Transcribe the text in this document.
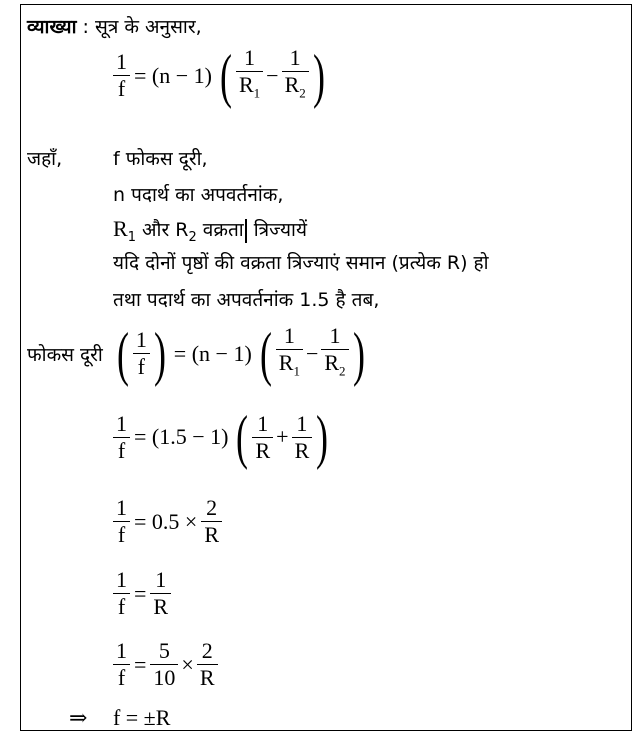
व्याख्या : सूत्र के अनुसार,
$\frac{1}{f} = (n - 1)$ ( $\frac{1}{R_1} - \frac{1}{R_2}$ )
जहाँ,	f फोकस दूरी,
n पदार्थ का अपवर्तनांक,
$R_1$ और $R_2$ वक्रता त्रिज्यायें
यदि दोनों पृष्ठों की वक्रता त्रिज्याएं समान (प्रत्येक R) हो
तथा पदार्थ का अपवर्तनांक 1.5 है तब,
फोकस दूरी ( $\frac{1}{f}$ ) = (n − 1) ( $\frac{1}{R_1} - \frac{1}{R_2}$ )
$\frac{1}{f} = (1.5 - 1)$ ( $\frac{1}{R} + \frac{1}{R}$ )
$\frac{1}{f} = 0.5 \times \frac{2}{R}$
$\frac{1}{f} = \frac{1}{R}$
$\frac{1}{f} = \frac{5}{10} \times \frac{2}{R}$
⇒ f = ±R
